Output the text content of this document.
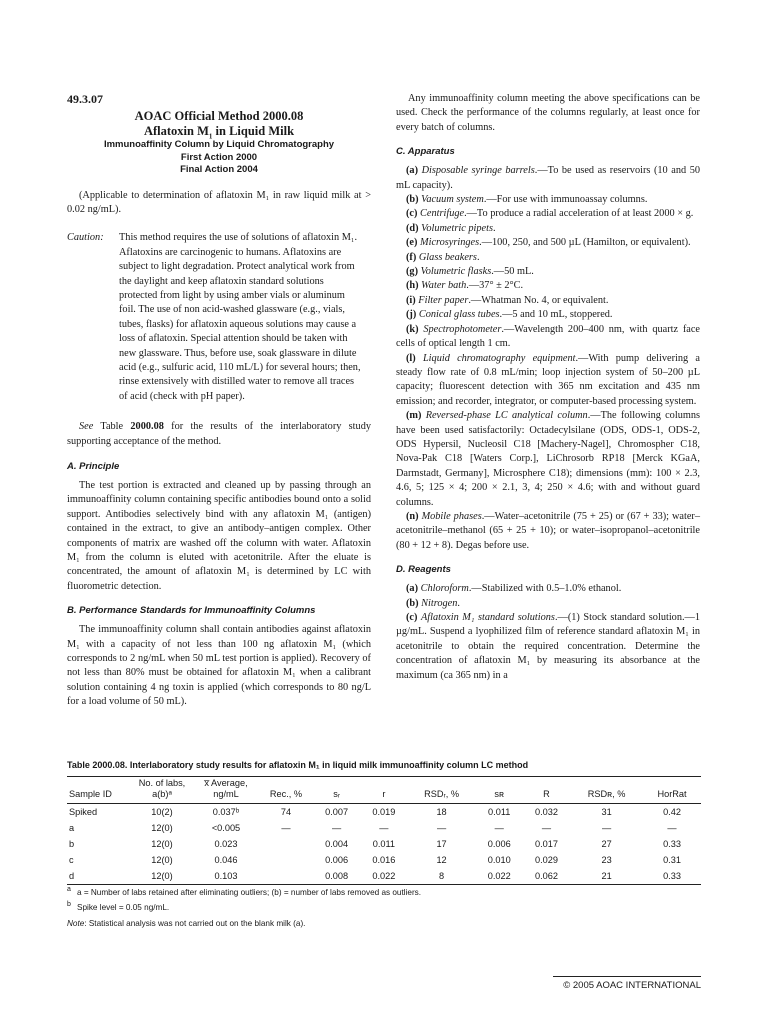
49.3.07
AOAC Official Method 2000.08
Aflatoxin $M_1$ in Liquid Milk
Immunoaffinity Column by Liquid Chromatography
First Action 2000
Final Action 2004

(Applicable to determination of aflatoxin M₁ in raw liquid milk at > 0.02 ng/mL).

Caution:	This method requires the use of solutions of aflatoxin M₁. Aflatoxins are carcinogenic to humans. Aflatoxins are subject to light degradation. Protect analytical work from the daylight and keep aflatoxin standard solutions protected from light by using amber vials or aluminum foil. The use of non acid-washed glassware (e.g., vials, tubes, flasks) for aflatoxin aqueous solutions may cause a loss of aflatoxin. Special attention should be taken with new glassware. Thus, before use, soak glassware in dilute acid (e.g., sulfuric acid, 110 mL/L) for several hours; then, rinse extensively with distilled water to remove all traces of acid (check with pH paper).

See Table 2000.08 for the results of the interlaboratory study supporting acceptance of the method.

A. Principle

The test portion is extracted and cleaned up by passing through an immunoaffinity column containing specific antibodies bound onto a solid support. Antibodies selectively bind with any aflatoxin M₁ (antigen) contained in the extract, to give an antibody–antigen complex. Other components of matrix are washed off the column with water. Aflatoxin M₁ from the column is eluted with acetonitrile. After the eluate is concentrated, the amount of aflatoxin M₁ is determined by LC with fluorometric detection.

B. Performance Standards for Immunoaffinity Columns

The immunoaffinity column shall contain antibodies against aflatoxin M₁ with a capacity of not less than 100 ng aflatoxin M₁ (which corresponds to 2 ng/mL when 50 mL test portion is applied). Recovery of not less than 80% must be obtained for aflatoxin M₁ when a calibrant solution containing 4 ng toxin is applied (which corresponds to 80 ng/L for a load volume of 50 mL).

Any immunoaffinity column meeting the above specifications can be used. Check the performance of the columns regularly, at least once for every batch of columns.

C. Apparatus

(a) Disposable syringe barrels.—To be used as reservoirs (10 and 50 mL capacity).

(b) Vacuum system.—For use with immunoassay columns.

(c) Centrifuge.—To produce a radial acceleration of at least 2000 × g.

(d) Volumetric pipets.

(e) Microsyringes.—100, 250, and 500 µL (Hamilton, or equivalent).

(f) Glass beakers.

(g) Volumetric flasks.—50 mL.

(h) Water bath.—37° ± 2°C.

(i) Filter paper.—Whatman No. 4, or equivalent.

(j) Conical glass tubes.—5 and 10 mL, stoppered.

(k) Spectrophotometer.—Wavelength 200–400 nm, with quartz face cells of optical length 1 cm.

(l) Liquid chromatography equipment.—With pump delivering a steady flow rate of 0.8 mL/min; loop injection system of 50–200 µL capacity; fluorescent detection with 365 nm excitation and 435 nm emission; and recorder, integrator, or computer-based processing system.

(m) Reversed-phase LC analytical column.—The following columns have been used satisfactorily: Octadecylsilane (ODS, ODS-1, ODS-2, ODS Hypersil, Nucleosil C18 [Machery-Nagel], Chromospher C18, Nova-Pak C18 [Waters Corp.], LiChrosorb RP18 [Merck KGaA, Darmstadt, Germany], Microsphere C18); dimensions (mm): 100 × 2.3, 4.6, 5; 125 × 4; 200 × 2.1, 3, 4; 250 × 4.6; with and without guard columns.

(n) Mobile phases.—Water–acetonitrile (75 + 25) or (67 + 33); water–acetonitrile–methanol (65 + 25 + 10); or water–isopropanol–acetonitrile (80 + 12 + 8). Degas before use.

D. Reagents

(a) Chloroform.—Stabilized with 0.5–1.0% ethanol.

(b) Nitrogen.

(c) Aflatoxin M₁ standard solutions.—(1) Stock standard solution.—1 µg/mL. Suspend a lyophilized film of reference standard aflatoxin M₁ in acetonitrile to obtain the required concentration. Determine the concentration of aflatoxin M₁ by measuring its absorbance at the maximum (ca 365 nm) in a

Table 2000.08. Interlaboratory study results for aflatoxin M₁ in liquid milk immunoaffinity column LC method
Sample ID	No. of labs, a(b)ᵃ	x̅ Average, ng/mL	Rec., %	sᵣ	r	RSDᵣ, %	sʀ	R	RSDʀ, %	HorRat
Spiked	10(2)	0.037ᵇ	74	0.007	0.019	18	0.011	0.032	31	0.42
a	12(0)	<0.005	—	—	—	—	—	—	—	—
b	12(0)	0.023		0.004	0.011	17	0.006	0.017	27	0.33
c	12(0)	0.046		0.006	0.016	12	0.010	0.029	23	0.31
d	12(0)	0.103		0.008	0.022	8	0.022	0.062	21	0.33
a a = Number of labs retained after eliminating outliers; (b) = number of labs removed as outliers.
b Spike level = 0.05 ng/mL.
Note: Statistical analysis was not carried out on the blank milk (a).
© 2005 AOAC INTERNATIONAL
